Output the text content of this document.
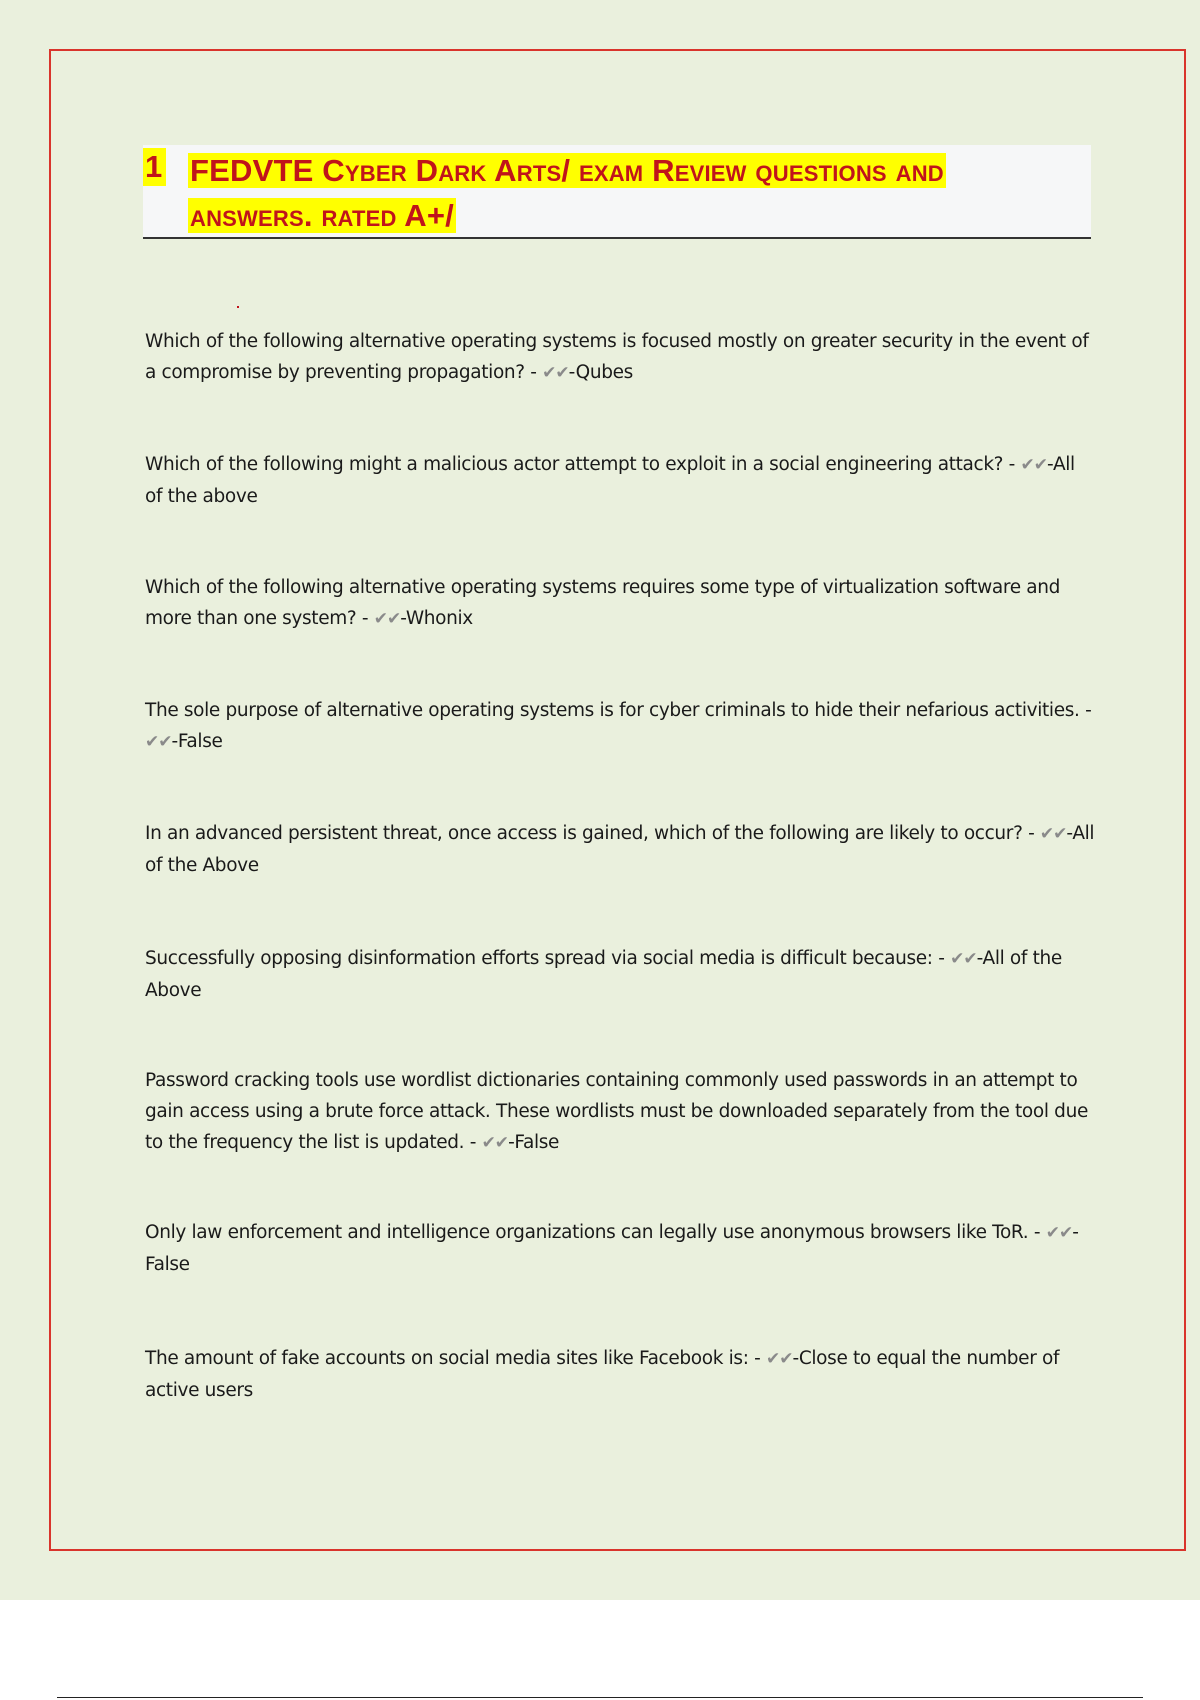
1 FEDVTE Cyber Dark Arts/ exam Review questions and answers. rated A+/
Which of the following alternative operating systems is focused mostly on greater security in the event of a compromise by preventing propagation? - ✔✔-Qubes
Which of the following might a malicious actor attempt to exploit in a social engineering attack? - ✔✔-All of the above
Which of the following alternative operating systems requires some type of virtualization software and more than one system? - ✔✔-Whonix
The sole purpose of alternative operating systems is for cyber criminals to hide their nefarious activities. - ✔✔-False
In an advanced persistent threat, once access is gained, which of the following are likely to occur? - ✔✔-All of the Above
Successfully opposing disinformation efforts spread via social media is difficult because: - ✔✔-All of the Above
Password cracking tools use wordlist dictionaries containing commonly used passwords in an attempt to gain access using a brute force attack. These wordlists must be downloaded separately from the tool due to the frequency the list is updated. - ✔✔-False
Only law enforcement and intelligence organizations can legally use anonymous browsers like ToR. - ✔✔-False
The amount of fake accounts on social media sites like Facebook is: - ✔✔-Close to equal the number of active users
